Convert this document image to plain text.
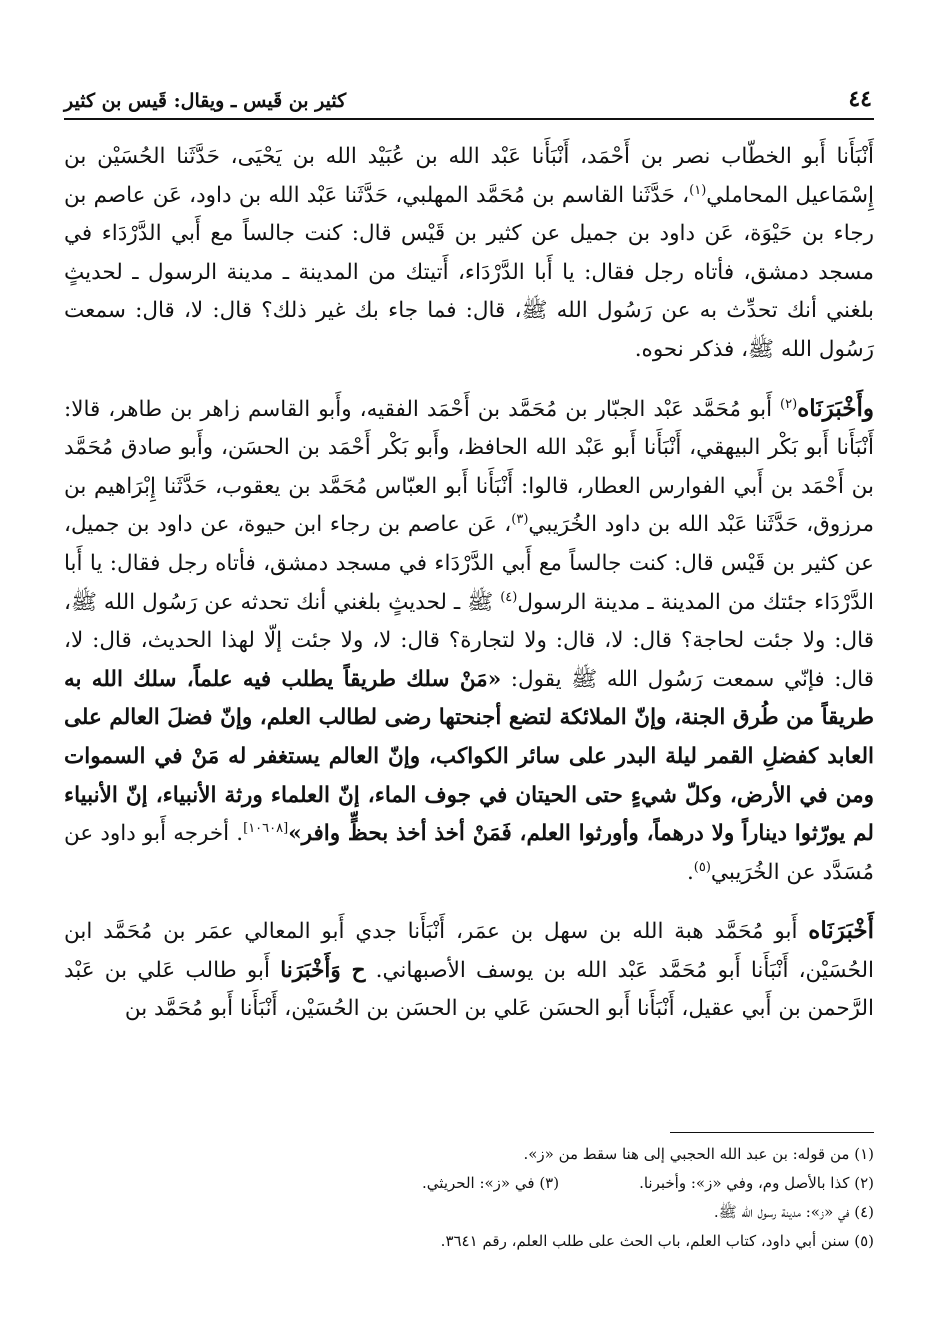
٤٤
كثير بن قَيس ـ ويقال: قَيس بن كثير

أَنْبَأَنا أَبو الخطّاب نصر بن أَحْمَد، أَنْبَأَنا عَبْد الله بن عُبَيْد الله بن يَحْيَى، حَدَّثَنا الحُسَيْن بن إِسْمَاعيل المحاملي$^{(١)}$، حَدَّثَنا القاسم بن مُحَمَّد المهلبي، حَدَّثَنا عَبْد الله بن داود، عَن عاصم بن رجاء بن حَيْوَة، عَن داود بن جميل عن كثير بن قَيْس قال: كنت جالساً مع أَبي الدَّرْدَاء في مسجد دمشق، فأتاه رجل فقال: يا أَبا الدَّرْدَاء، أَتيتك من المدينة ـ مدينة الرسول ـ لحديثٍ بلغني أنك تحدِّث به عن رَسُول الله ﷺ، قال: فما جاء بك غير ذلك؟ قال: لا، قال: سمعت رَسُول الله ﷺ، فذكر نحوه.

وأَخْبَرَنَاه$^{(٢)}$ أَبو مُحَمَّد عَبْد الجبّار بن مُحَمَّد بن أَحْمَد الفقيه، وأَبو القاسم زاهر بن طاهر، قالا: أَنْبَأَنا أَبو بَكْر البيهقي، أَنْبَأَنا أَبو عَبْد الله الحافظ، وأَبو بَكْر أَحْمَد بن الحسَن، وأَبو صادق مُحَمَّد بن أَحْمَد بن أَبي الفوارس العطار، قالوا: أَنْبَأَنا أَبو العبّاس مُحَمَّد بن يعقوب، حَدَّثَنا إِبْرَاهيم بن مرزوق، حَدَّثَنا عَبْد الله بن داود الخُرَيبي$^{(٣)}$، عَن عاصم بن رجاء ابن حيوة، عن داود بن جميل، عن كثير بن قَيْس قال: كنت جالساً مع أَبي الدَّرْدَاء في مسجد دمشق، فأتاه رجل فقال: يا أَبا الدَّرْدَاء جئتك من المدينة ـ مدينة الرسول$^{(٤)}$ ﷺ ـ لحديثٍ بلغني أنك تحدثه عن رَسُول الله ﷺ، قال: ولا جئت لحاجة؟ قال: لا، قال: ولا لتجارة؟ قال: لا، ولا جئت إلّا لهذا الحديث، قال: لا، قال: فإنّي سمعت رَسُول الله ﷺ يقول: «مَنْ سلك طريقاً يطلب فيه علماً، سلك الله به طريقاً من طُرق الجنة، وإنّ الملائكة لتضع أجنحتها رضى لطالب العلم، وإنّ فضلَ العالم على العابد كفضلِ القمر ليلة البدر على سائر الكواكب، وإنّ العالم يستغفر له مَنْ في السموات ومن في الأرض، وكلّ شيءٍ حتى الحيتان في جوف الماء، إنّ العلماء ورثة الأنبياء، إنّ الأنبياء لم يورّثوا ديناراً ولا درهماً، وأورثوا العلم، فَمَنْ أخذ أخذ بحظٍّ وافر»[١٠٦٠٨]. أخرجه أَبو داود عن مُسَدَّد عن الخُرَيبي$^{(٥)}$.

أَخْبَرَنَاه أَبو مُحَمَّد هبة الله بن سهل بن عمَر، أَنْبَأَنا جدي أَبو المعالي عمَر بن مُحَمَّد ابن الحُسَيْن، أَنْبَأَنا أَبو مُحَمَّد عَبْد الله بن يوسف الأصبهاني. ح وَأَخْبَرَنا أَبو طالب عَلي بن عَبْد الرَّحمن بن أَبي عقيل، أَنْبَأَنا أَبو الحسَن عَلي بن الحسَن بن الحُسَيْن، أَنْبَأَنا أَبو مُحَمَّد بن

(١) من قوله: بن عبد الله الحجبي إلى هنا سقط من «ز».
(٢) كذا بالأصل وم، وفي «ز»: وأخبرنا.
(٣) في «ز»: الحريثي.
(٤) في «ز»: مدينة رسول الله ﷺ.
(٥) سنن أبي داود، كتاب العلم، باب الحث على طلب العلم، رقم ٣٦٤١.
